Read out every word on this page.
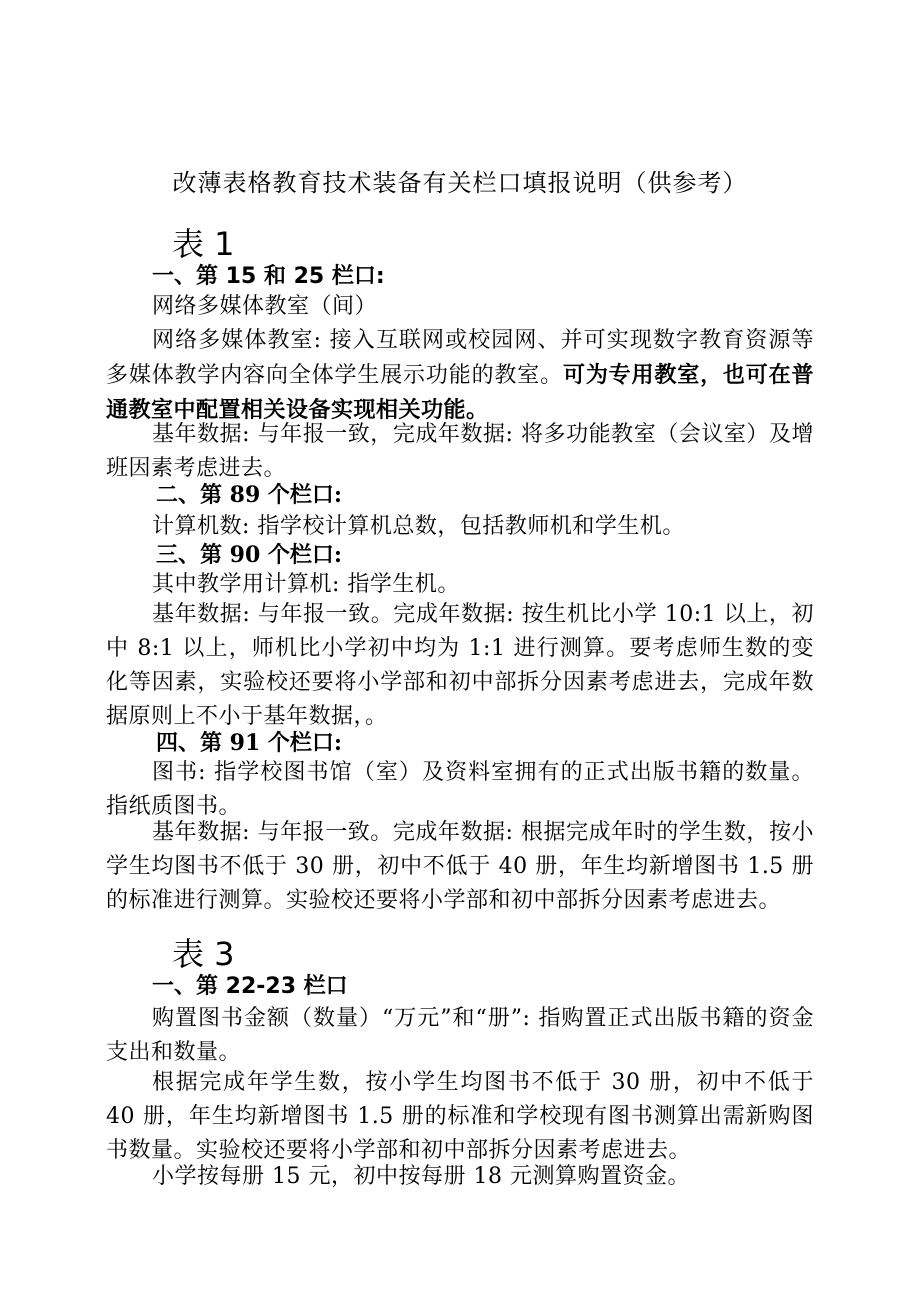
改薄表格教育技术装备有关栏口填报说明（供参考）
表 1
一、第 15 和 25 栏口:
网络多媒体教室（间）
网络多媒体教室: 接入互联网或校园网、并可实现数字教育资源等多媒体教学内容向全体学生展示功能的教室。可为专用教室，也可在普通教室中配置相关设备实现相关功能。
基年数据: 与年报一致，完成年数据: 将多功能教室（会议室）及增班因素考虑进去。
二、第 89 个栏口:
计算机数: 指学校计算机总数，包括教师机和学生机。
三、第 90 个栏口:
其中教学用计算机: 指学生机。
基年数据: 与年报一致。完成年数据: 按生机比小学 10:1 以上，初中 8:1 以上，师机比小学初中均为 1:1 进行测算。要考虑师生数的变化等因素，实验校还要将小学部和初中部拆分因素考虑进去，完成年数据原则上不小于基年数据，。
四、第 91 个栏口:
图书: 指学校图书馆（室）及资料室拥有的正式出版书籍的数量。指纸质图书。
基年数据: 与年报一致。完成年数据: 根据完成年时的学生数，按小学生均图书不低于 30 册，初中不低于 40 册，年生均新增图书 1.5 册的标准进行测算。实验校还要将小学部和初中部拆分因素考虑进去。
表 3
一、第 22-23 栏口
购置图书金额（数量）“万元”和“册”: 指购置正式出版书籍的资金支出和数量。
根据完成年学生数，按小学生均图书不低于 30 册，初中不低于 40 册，年生均新增图书 1.5 册的标准和学校现有图书测算出需新购图书数量。实验校还要将小学部和初中部拆分因素考虑进去。
小学按每册 15 元，初中按每册 18 元测算购置资金。
